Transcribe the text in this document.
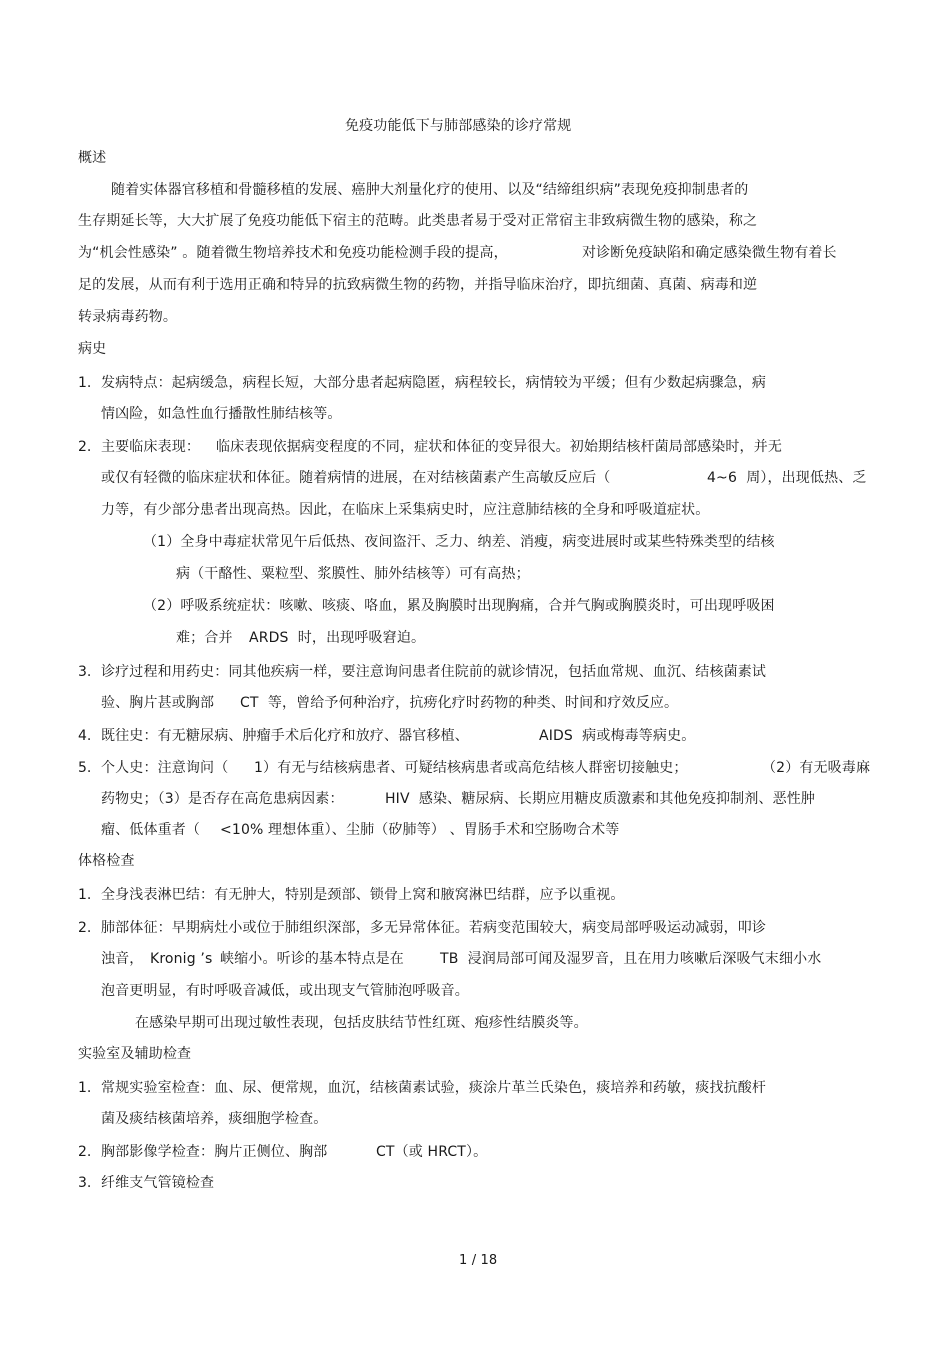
免疫功能低下与肺部感染的诊疗常规
概述
随着实体器官移植和骨髓移植的发展、癌肿大剂量化疗的使用、以及“结缔组织病”表现免疫抑制患者的
生存期延长等，大大扩展了免疫功能低下宿主的范畴。此类患者易于受对正常宿主非致病微生物的感染，称之
为“机会性感染” 。随着微生物培养技术和免疫功能检测手段的提高，	对诊断免疫缺陷和确定感染微生物有着长
足的发展，从而有利于选用正确和特异的抗致病微生物的药物，并指导临床治疗，即抗细菌、真菌、病毒和逆
转录病毒药物。
病史
1. 发病特点：起病缓急，病程长短，大部分患者起病隐匿，病程较长，病情较为平缓；但有少数起病骤急，病
情凶险，如急性血行播散性肺结核等。
2. 主要临床表现： 临床表现依据病变程度的不同，症状和体征的变异很大。初始期结核杆菌局部感染时，并无
或仅有轻微的临床症状和体征。随着病情的进展，在对结核菌素产生高敏反应后（	4~6  周），出现低热、乏
力等，有少部分患者出现高热。因此，在临床上采集病史时，应注意肺结核的全身和呼吸道症状。
（1）全身中毒症状常见午后低热、夜间盗汗、乏力、纳差、消瘦，病变进展时或某些特殊类型的结核
病（干酪性、粟粒型、浆膜性、肺外结核等）可有高热；
（2）呼吸系统症状：咳嗽、咳痰、咯血，累及胸膜时出现胸痛，合并气胸或胸膜炎时，可出现呼吸困
难；合并 ARDS  时，出现呼吸窘迫。
3. 诊疗过程和用药史：同其他疾病一样，要注意询问患者住院前的就诊情况，包括血常规、血沉、结核菌素试
验、胸片甚或胸部 CT  等，曾给予何种治疗，抗痨化疗时药物的种类、时间和疗效反应。
4. 既往史：有无糖尿病、肿瘤手术后化疗和放疗、器官移植、	AIDS  病或梅毒等病史。
5. 个人史：注意询问（ 1）有无与结核病患者、可疑结核病患者或高危结核人群密切接触史；	（2）有无吸毒麻
药物史；（3）是否存在高危患病因素：	HIV  感染、糖尿病、长期应用糖皮质激素和其他免疫抑制剂、恶性肿
瘤、低体重者（ <10% 理想体重）、尘肺（矽肺等） 、胃肠手术和空肠吻合术等
体格检查
1. 全身浅表淋巴结：有无肿大，特别是颈部、锁骨上窝和腋窝淋巴结群，应予以重视。
2. 肺部体征：早期病灶小或位于肺组织深部，多无异常体征。若病变范围较大，病变局部呼吸运动减弱，叩诊
浊音， Kronig ’s 峡缩小。听诊的基本特点是在	TB  浸润局部可闻及湿罗音，且在用力咳嗽后深吸气末细小水
泡音更明显，有时呼吸音减低，或出现支气管肺泡呼吸音。
在感染早期可出现过敏性表现，包括皮肤结节性红斑、疱疹性结膜炎等。
实验室及辅助检查
1. 常规实验室检查：血、尿、便常规，血沉，结核菌素试验，痰涂片革兰氏染色，痰培养和药敏，痰找抗酸杆
菌及痰结核菌培养，痰细胞学检查。
2. 胸部影像学检查：胸片正侧位、胸部	CT（或 HRCT）。
3. 纤维支气管镜检查
1 / 18
